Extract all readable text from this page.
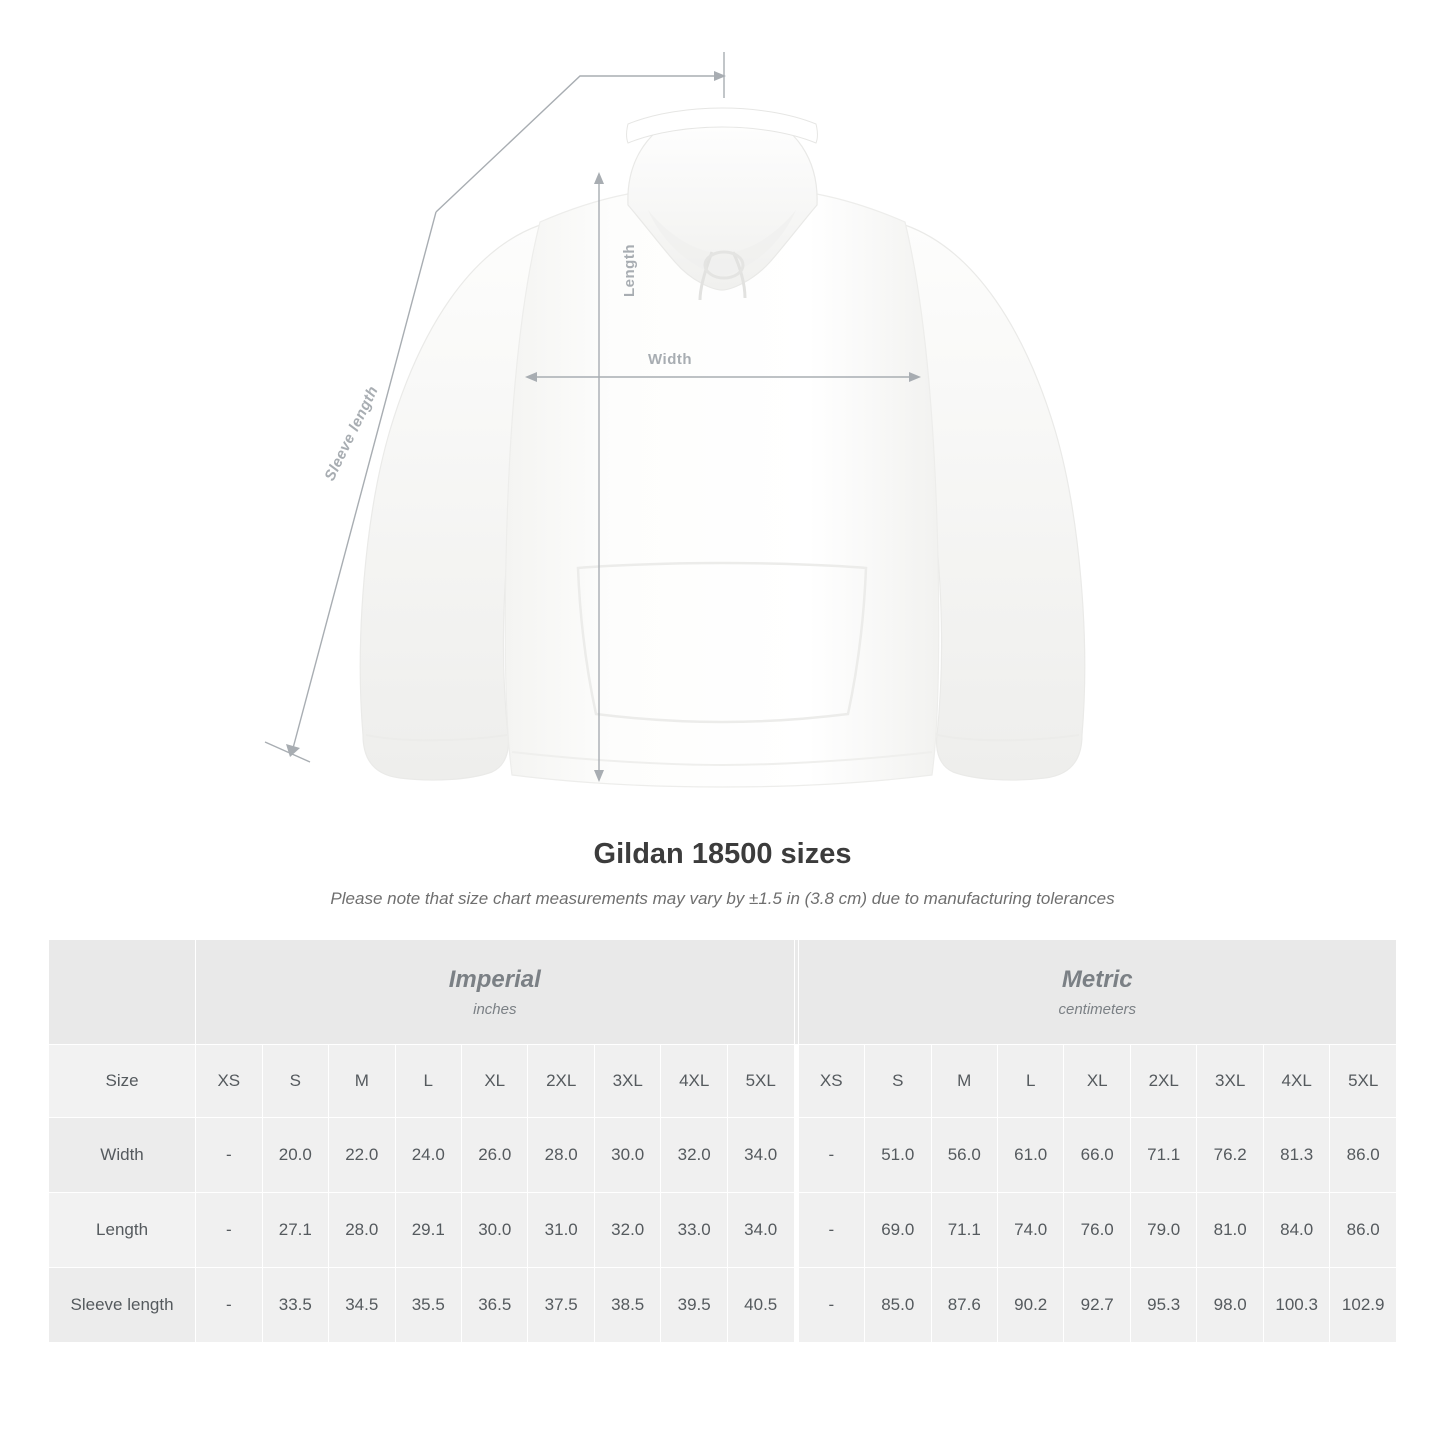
Length
Width
Sleeve length
Gildan 18500 sizes
Please note that size chart measurements may vary by ±1.5 in (3.8 cm) due to manufacturing tolerances

Imperial
inches

Metric
centimeters

Size	XS	S	M	L	XL	2XL	3XL	4XL	5XL		XS	S	M	L	XL	2XL	3XL	4XL	5XL
Width	-	20.0	22.0	24.0	26.0	28.0	30.0	32.0	34.0		-	51.0	56.0	61.0	66.0	71.1	76.2	81.3	86.0
Length	-	27.1	28.0	29.1	30.0	31.0	32.0	33.0	34.0		-	69.0	71.1	74.0	76.0	79.0	81.0	84.0	86.0
Sleeve length	-	33.5	34.5	35.5	36.5	37.5	38.5	39.5	40.5		-	85.0	87.6	90.2	92.7	95.3	98.0	100.3	102.9
